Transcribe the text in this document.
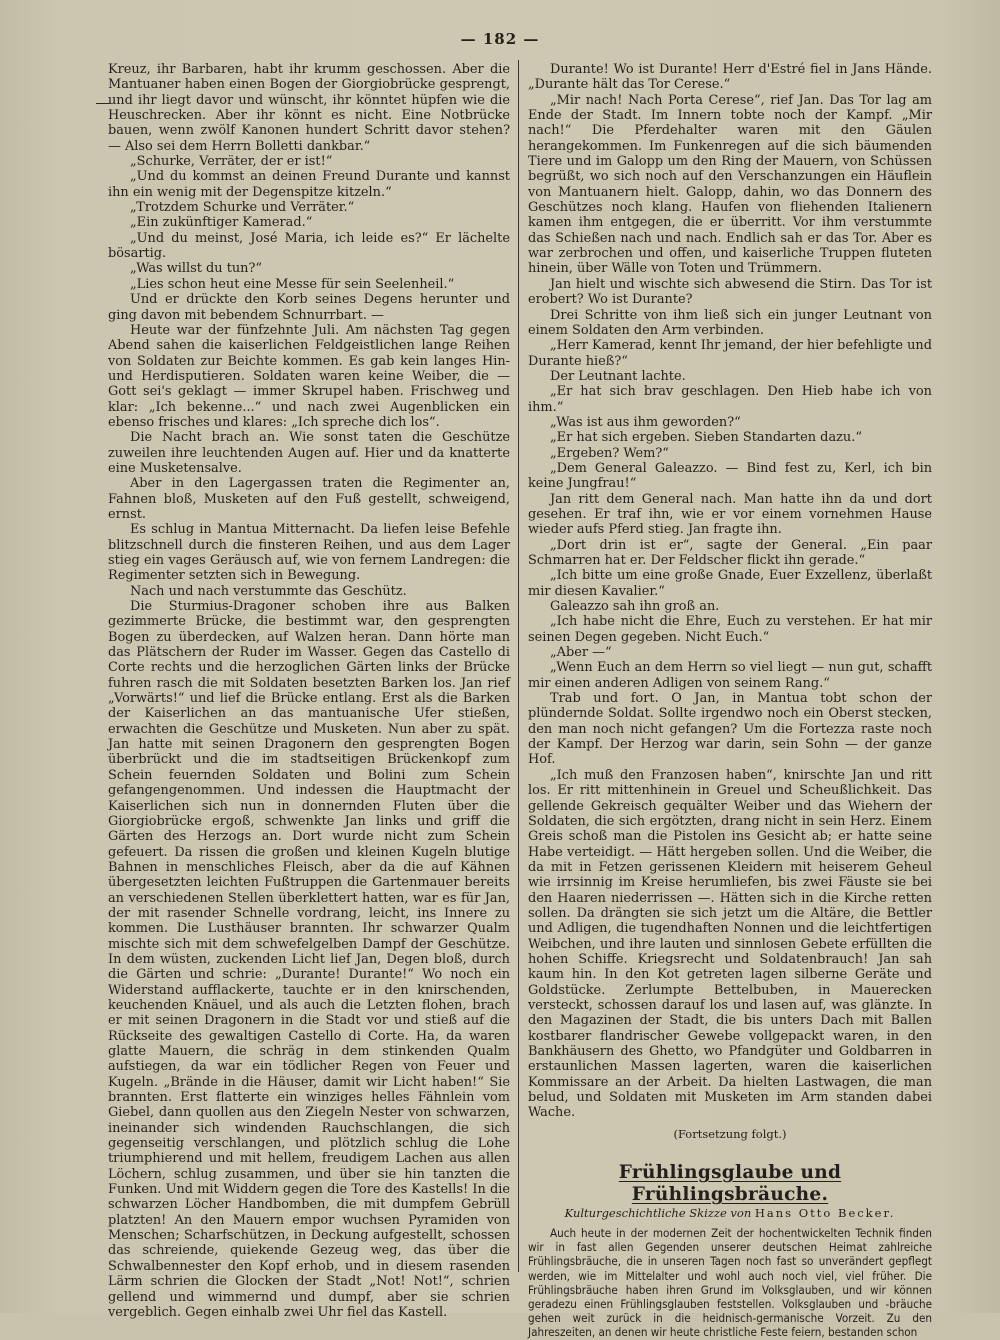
— 182 —

Kreuz, ihr Barbaren, habt ihr krumm geschossen. Aber die Mantuaner haben einen Bogen der Giorgiobrücke gesprengt, und ihr liegt davor und wünscht, ihr könntet hüpfen wie die Heuschrecken. Aber ihr könnt es nicht. Eine Notbrücke bauen, wenn zwölf Kanonen hundert Schritt davor stehen? — Also sei dem Herrn Bolletti dankbar.“

„Schurke, Verräter, der er ist!“

„Und du kommst an deinen Freund Durante und kannst ihn ein wenig mit der Degenspitze kitzeln.“

„Trotzdem Schurke und Verräter.“

„Ein zukünftiger Kamerad.“

„Und du meinst, José Maria, ich leide es?“ Er lächelte bösartig.

„Was willst du tun?“

„Lies schon heut eine Messe für sein Seelenheil.“

Und er drückte den Korb seines Degens herunter und ging davon mit bebendem Schnurrbart. —

Heute war der fünfzehnte Juli. Am nächsten Tag gegen Abend sahen die kaiserlichen Feldgeistlichen lange Reihen von Soldaten zur Beichte kommen. Es gab kein langes Hin- und Herdisputieren. Soldaten waren keine Weiber, die — Gott sei's geklagt — immer Skrupel haben. Frischweg und klar: „Ich bekenne...“ und nach zwei Augenblicken ein ebenso frisches und klares: „Ich spreche dich los“.

Die Nacht brach an. Wie sonst taten die Geschütze zuweilen ihre leuchtenden Augen auf. Hier und da knatterte eine Musketensalve.

Aber in den Lagergassen traten die Regimenter an, Fahnen bloß, Musketen auf den Fuß gestellt, schweigend, ernst.

Es schlug in Mantua Mitternacht. Da liefen leise Befehle blitzschnell durch die finsteren Reihen, und aus dem Lager stieg ein vages Geräusch auf, wie von fernem Landregen: die Regimenter setzten sich in Bewegung.

Nach und nach verstummte das Geschütz.

Die Sturmius-Dragoner schoben ihre aus Balken gezimmerte Brücke, die bestimmt war, den gesprengten Bogen zu überdecken, auf Walzen heran. Dann hörte man das Plätschern der Ruder im Wasser. Gegen das Castello di Corte rechts und die herzoglichen Gärten links der Brücke fuhren rasch die mit Soldaten besetzten Barken los. Jan rief „Vorwärts!“ und lief die Brücke entlang. Erst als die Barken der Kaiserlichen an das mantuanische Ufer stießen, erwachten die Geschütze und Musketen. Nun aber zu spät. Jan hatte mit seinen Dragonern den gesprengten Bogen überbrückt und die im stadtseitigen Brückenkopf zum Schein feuernden Soldaten und Bolini zum Schein gefangengenommen. Und indessen die Hauptmacht der Kaiserlichen sich nun in donnernden Fluten über die Giorgiobrücke ergoß, schwenkte Jan links und griff die Gärten des Herzogs an. Dort wurde nicht zum Schein gefeuert. Da rissen die großen und kleinen Kugeln blutige Bahnen in menschliches Fleisch, aber da die auf Kähnen übergesetzten leichten Fußtruppen die Gartenmauer bereits an verschiedenen Stellen überklettert hatten, war es für Jan, der mit rasender Schnelle vordrang, leicht, ins Innere zu kommen. Die Lusthäuser brannten. Ihr schwarzer Qualm mischte sich mit dem schwefelgelben Dampf der Geschütze. In dem wüsten, zuckenden Licht lief Jan, Degen bloß, durch die Gärten und schrie: „Durante! Durante!“ Wo noch ein Widerstand aufflackerte, tauchte er in den knirschenden, keuchenden Knäuel, und als auch die Letzten flohen, brach er mit seinen Dragonern in die Stadt vor und stieß auf die Rückseite des gewaltigen Castello di Corte. Ha, da waren glatte Mauern, die schräg in dem stinkenden Qualm aufstiegen, da war ein tödlicher Regen von Feuer und Kugeln. „Brände in die Häuser, damit wir Licht haben!“ Sie brannten. Erst flatterte ein winziges helles Fähnlein vom Giebel, dann quollen aus den Ziegeln Nester von schwarzen, ineinander sich windenden Rauchschlangen, die sich gegenseitig verschlangen, und plötzlich schlug die Lohe triumphierend und mit hellem, freudigem Lachen aus allen Löchern, schlug zusammen, und über sie hin tanzten die Funken. Und mit Widdern gegen die Tore des Kastells! In die schwarzen Löcher Handbomben, die mit dumpfem Gebrüll platzten! An den Mauern empor wuchsen Pyramiden von Menschen; Scharfschützen, in Deckung aufgestellt, schossen das schreiende, quiekende Gezeug weg, das über die Schwalbennester den Kopf erhob, und in diesem rasenden Lärm schrien die Glocken der Stadt „Not! Not!“, schrien gellend und wimmernd und dumpf, aber sie schrien vergeblich. Gegen einhalb zwei Uhr fiel das Kastell.

Durante! Wo ist Durante! Herr d'Estré fiel in Jans Hände. „Durante hält das Tor Cerese.“

„Mir nach! Nach Porta Cerese“, rief Jan. Das Tor lag am Ende der Stadt. Im Innern tobte noch der Kampf. „Mir nach!“ Die Pferdehalter waren mit den Gäulen herangekommen. Im Funkenregen auf die sich bäumenden Tiere und im Galopp um den Ring der Mauern, von Schüssen begrüßt, wo sich noch auf den Verschanzungen ein Häuflein von Mantuanern hielt. Galopp, dahin, wo das Donnern des Geschützes noch klang. Haufen von fliehenden Italienern kamen ihm entgegen, die er überritt. Vor ihm verstummte das Schießen nach und nach. Endlich sah er das Tor. Aber es war zerbrochen und offen, und kaiserliche Truppen fluteten hinein, über Wälle von Toten und Trümmern.

Jan hielt und wischte sich abwesend die Stirn. Das Tor ist erobert? Wo ist Durante?

Drei Schritte von ihm ließ sich ein junger Leutnant von einem Soldaten den Arm verbinden.

„Herr Kamerad, kennt Ihr jemand, der hier befehligte und Durante hieß?“

Der Leutnant lachte.

„Er hat sich brav geschlagen. Den Hieb habe ich von ihm.“

„Was ist aus ihm geworden?“

„Er hat sich ergeben. Sieben Standarten dazu.“

„Ergeben? Wem?“

„Dem General Galeazzo. — Bind fest zu, Kerl, ich bin keine Jungfrau!“

Jan ritt dem General nach. Man hatte ihn da und dort gesehen. Er traf ihn, wie er vor einem vornehmen Hause wieder aufs Pferd stieg. Jan fragte ihn.

„Dort drin ist er“, sagte der General. „Ein paar Schmarren hat er. Der Feldscher flickt ihn gerade.“

„Ich bitte um eine große Gnade, Euer Exzellenz, überlaßt mir diesen Kavalier.“

Galeazzo sah ihn groß an.

„Ich habe nicht die Ehre, Euch zu verstehen. Er hat mir seinen Degen gegeben. Nicht Euch.“

„Aber —“

„Wenn Euch an dem Herrn so viel liegt — nun gut, schafft mir einen anderen Adligen von seinem Rang.“

Trab und fort. O Jan, in Mantua tobt schon der plündernde Soldat. Sollte irgendwo noch ein Oberst stecken, den man noch nicht gefangen? Um die Fortezza raste noch der Kampf. Der Herzog war darin, sein Sohn — der ganze Hof.

„Ich muß den Franzosen haben“, knirschte Jan und ritt los. Er ritt mittenhinein in Greuel und Scheußlichkeit. Das gellende Gekreisch gequälter Weiber und das Wiehern der Soldaten, die sich ergötzten, drang nicht in sein Herz. Einem Greis schoß man die Pistolen ins Gesicht ab; er hatte seine Habe verteidigt. — Hätt hergeben sollen. Und die Weiber, die da mit in Fetzen gerissenen Kleidern mit heiserem Geheul wie irrsinnig im Kreise herumliefen, bis zwei Fäuste sie bei den Haaren niederrissen —. Hätten sich in die Kirche retten sollen. Da drängten sie sich jetzt um die Altäre, die Bettler und Adligen, die tugendhaften Nonnen und die leichtfertigen Weibchen, und ihre lauten und sinnlosen Gebete erfüllten die hohen Schiffe. Kriegsrecht und Soldatenbrauch! Jan sah kaum hin. In den Kot getreten lagen silberne Geräte und Goldstücke. Zerlumpte Bettelbuben, in Mauerecken versteckt, schossen darauf los und lasen auf, was glänzte. In den Magazinen der Stadt, die bis unters Dach mit Ballen kostbarer flandrischer Gewebe vollgepackt waren, in den Bankhäusern des Ghetto, wo Pfandgüter und Goldbarren in erstaunlichen Massen lagerten, waren die kaiserlichen Kommissare an der Arbeit. Da hielten Lastwagen, die man belud, und Soldaten mit Musketen im Arm standen dabei Wache.

(Fortsetzung folgt.)
Frühlingsglaube und Frühlingsbräuche.
Kulturgeschichtliche Skizze von Hans Otto Becker.

Auch heute in der modernen Zeit der hochentwickelten Technik finden wir in fast allen Gegenden unserer deutschen Heimat zahlreiche Frühlingsbräuche, die in unseren Tagen noch fast so unverändert gepflegt werden, wie im Mittelalter und wohl auch noch viel, viel früher. Die Frühlingsbräuche haben ihren Grund im Volksglauben, und wir können geradezu einen Frühlingsglauben feststellen. Volksglauben und -bräuche gehen weit zurück in die heidnisch-germanische Vorzeit. Zu den Jahreszeiten, an denen wir heute christliche Feste feiern, bestanden schon
